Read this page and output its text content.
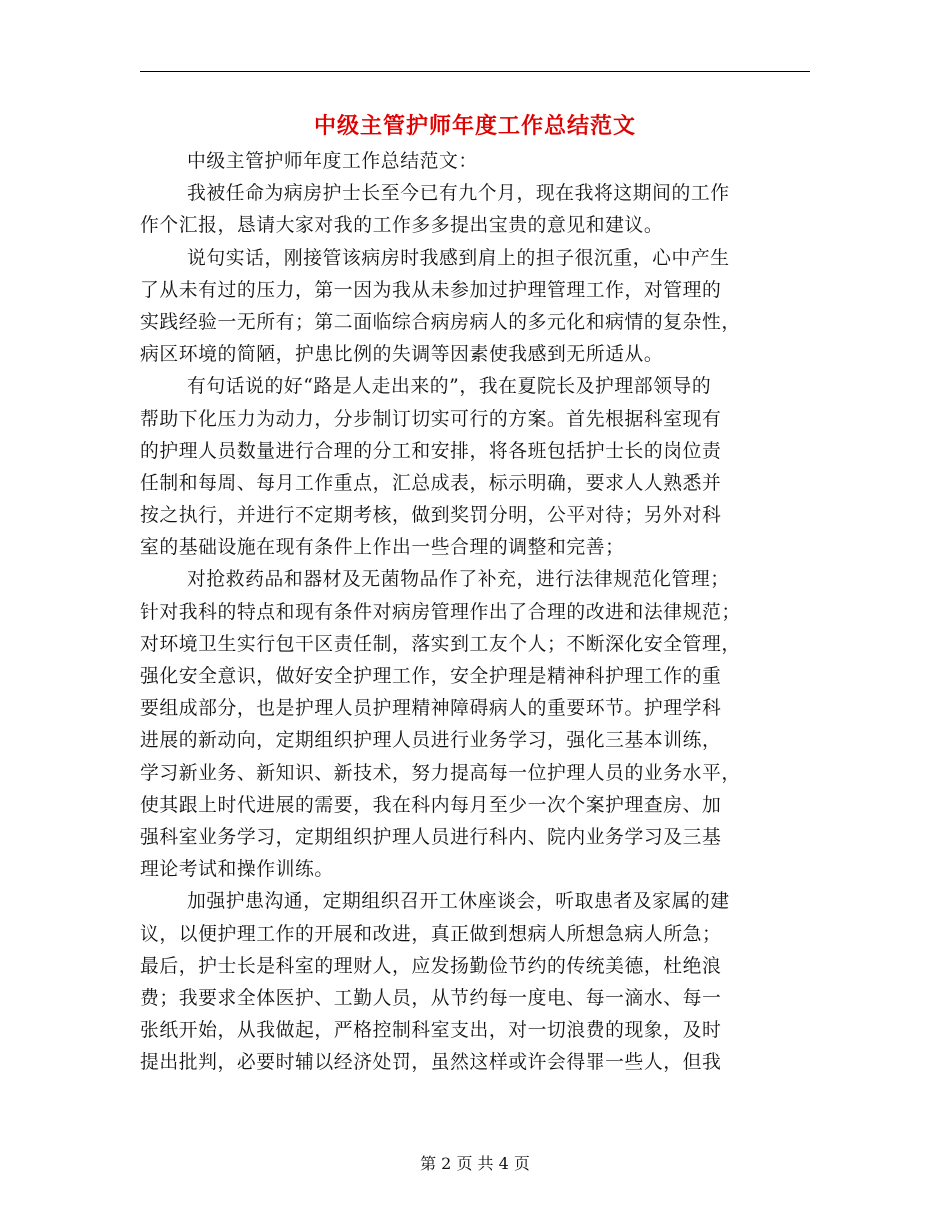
中级主管护师年度工作总结范文
中级主管护师年度工作总结范文：
我被任命为病房护士长至今已有九个月，现在我将这期间的工作
作个汇报，恳请大家对我的工作多多提出宝贵的意见和建议。
说句实话，刚接管该病房时我感到肩上的担子很沉重，心中产生
了从未有过的压力，第一因为我从未参加过护理管理工作，对管理的
实践经验一无所有；第二面临综合病房病人的多元化和病情的复杂性，
病区环境的简陋，护患比例的失调等因素使我感到无所适从。
有句话说的好“路是人走出来的”，我在夏院长及护理部领导的
帮助下化压力为动力，分步制订切实可行的方案。首先根据科室现有
的护理人员数量进行合理的分工和安排，将各班包括护士长的岗位责
任制和每周、每月工作重点，汇总成表，标示明确，要求人人熟悉并
按之执行，并进行不定期考核，做到奖罚分明，公平对待；另外对科
室的基础设施在现有条件上作出一些合理的调整和完善；
对抢救药品和器材及无菌物品作了补充，进行法律规范化管理；
针对我科的特点和现有条件对病房管理作出了合理的改进和法律规范；
对环境卫生实行包干区责任制，落实到工友个人；不断深化安全管理，
强化安全意识，做好安全护理工作，安全护理是精神科护理工作的重
要组成部分，也是护理人员护理精神障碍病人的重要环节。护理学科
进展的新动向，定期组织护理人员进行业务学习，强化三基本训练，
学习新业务、新知识、新技术，努力提高每一位护理人员的业务水平，
使其跟上时代进展的需要，我在科内每月至少一次个案护理查房、加
强科室业务学习，定期组织护理人员进行科内、院内业务学习及三基
理论考试和操作训练。
加强护患沟通，定期组织召开工休座谈会，听取患者及家属的建
议，以便护理工作的开展和改进，真正做到想病人所想急病人所急；
最后，护士长是科室的理财人，应发扬勤俭节约的传统美德，杜绝浪
费；我要求全体医护、工勤人员，从节约每一度电、每一滴水、每一
张纸开始，从我做起，严格控制科室支出，对一切浪费的现象，及时
提出批判，必要时辅以经济处罚，虽然这样或许会得罪一些人，但我
第 2 页 共 4 页
